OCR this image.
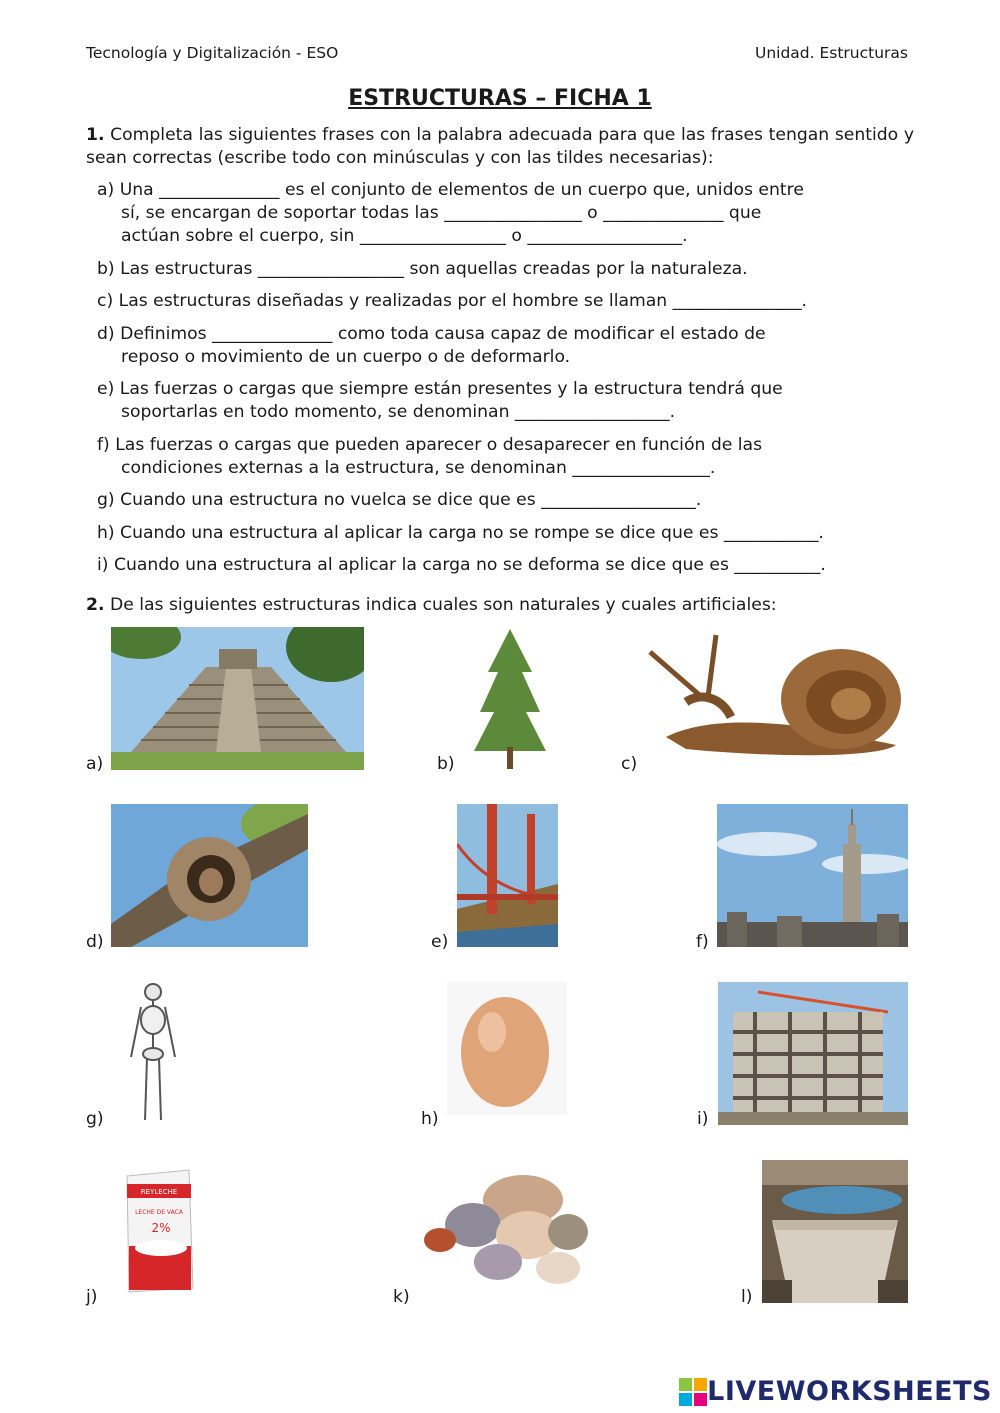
Tecnología y Digitalización - ESO	Unidad. Estructuras
ESTRUCTURAS – FICHA 1

1. Completa las siguientes frases con la palabra adecuada para que las frases tengan sentido y sean correctas (escribe todo con minúsculas y con las tildes necesarias):

a) Una ______________ es el conjunto de elementos de un cuerpo que, unidos entre
sí, se encargan de soportar todas las ________________ o ______________ que
actúan sobre el cuerpo, sin _________________ o __________________.
b) Las estructuras _________________ son aquellas creadas por la naturaleza.
c) Las estructuras diseñadas y realizadas por el hombre se llaman _______________.
d) Definimos ______________ como toda causa capaz de modificar el estado de
reposo o movimiento de un cuerpo o de deformarlo.
e) Las fuerzas o cargas que siempre están presentes y la estructura tendrá que
soportarlas en todo momento, se denominan __________________.
f) Las fuerzas o cargas que pueden aparecer o desaparecer en función de las
condiciones externas a la estructura, se denominan ________________.
g) Cuando una estructura no vuelca se dice que es __________________.
h) Cuando una estructura al aplicar la carga no se rompe se dice que es ___________.
i) Cuando una estructura al aplicar la carga no se deforma se dice que es __________.

2. De las siguientes estructuras indica cuales son naturales y cuales artificiales:

a)	b)	c)
d)	e)	f)
g)	h)	i)
j)
REYLECHE
LECHE DE VACA
2%
k)	l)
LIVEWORKSHEETS
